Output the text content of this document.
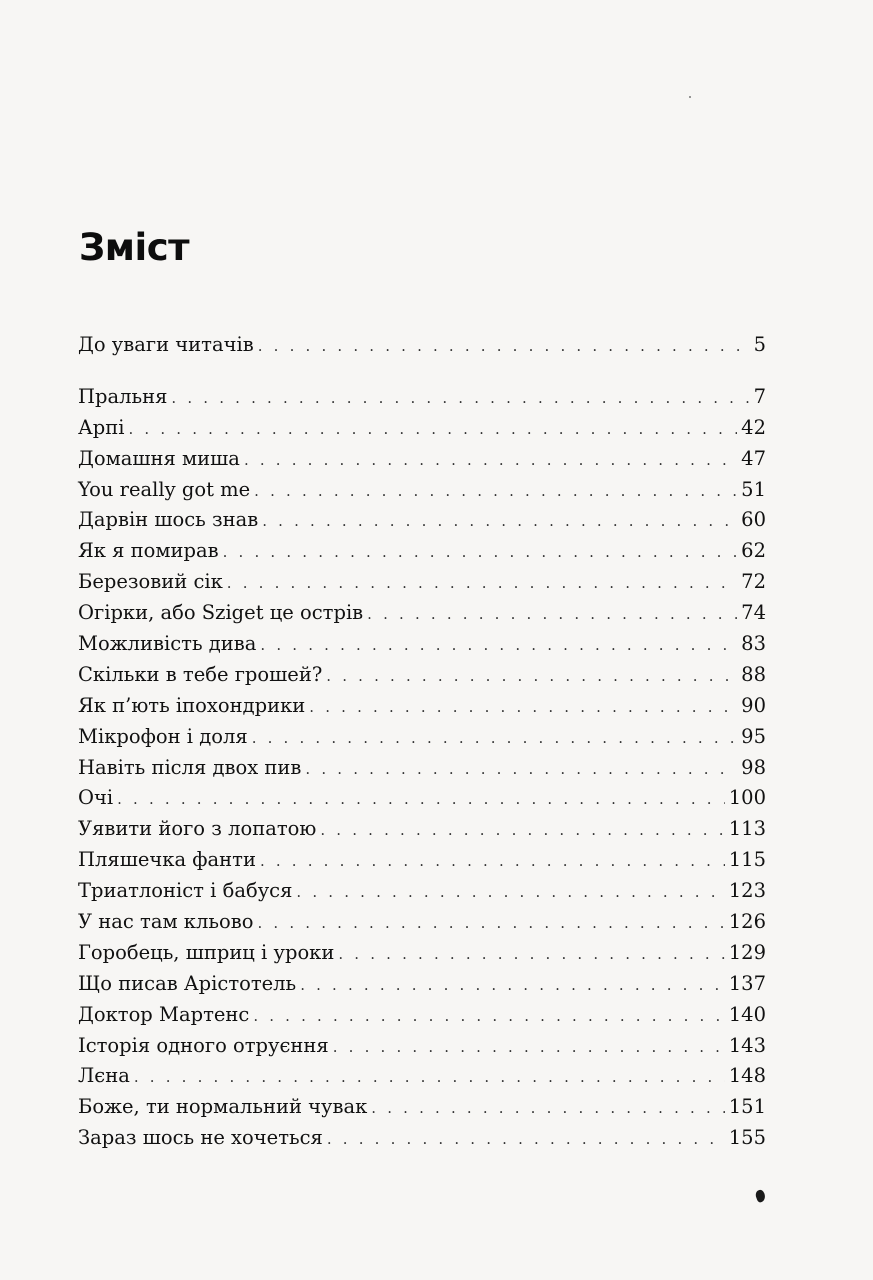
Зміст
До уваги читачів . . .	5
Пральня . . .	7
Арпі . . .	42
Домашня миша . . .	47
You really got me . . .	51
Дарвін шось знав . . .	60
Як я помирав . . .	62
Березовий сік . . .	72
Огірки, або Sziget це острів . . .	74
Можливість дива . . .	83
Скільки в тебе грошей? . . .	88
Як п’ють іпохондрики . . .	90
Мікрофон і доля . . .	95
Навіть після двох пив . . .	98
Очі . . .	100
Уявити його з лопатою . . .	113
Пляшечка фанти . . .	115
Триатлоніст і бабуся . . .	123
У нас там кльово . . .	126
Горобець, шприц і уроки . . .	129
Що писав Арістотель . . .	137
Доктор Мартенс . . .	140
Історія одного отруєння . . .	143
Лєна . . .	148
Боже, ти нормальний чувак . . .	151
Зараз шось не хочеться . . .	155
